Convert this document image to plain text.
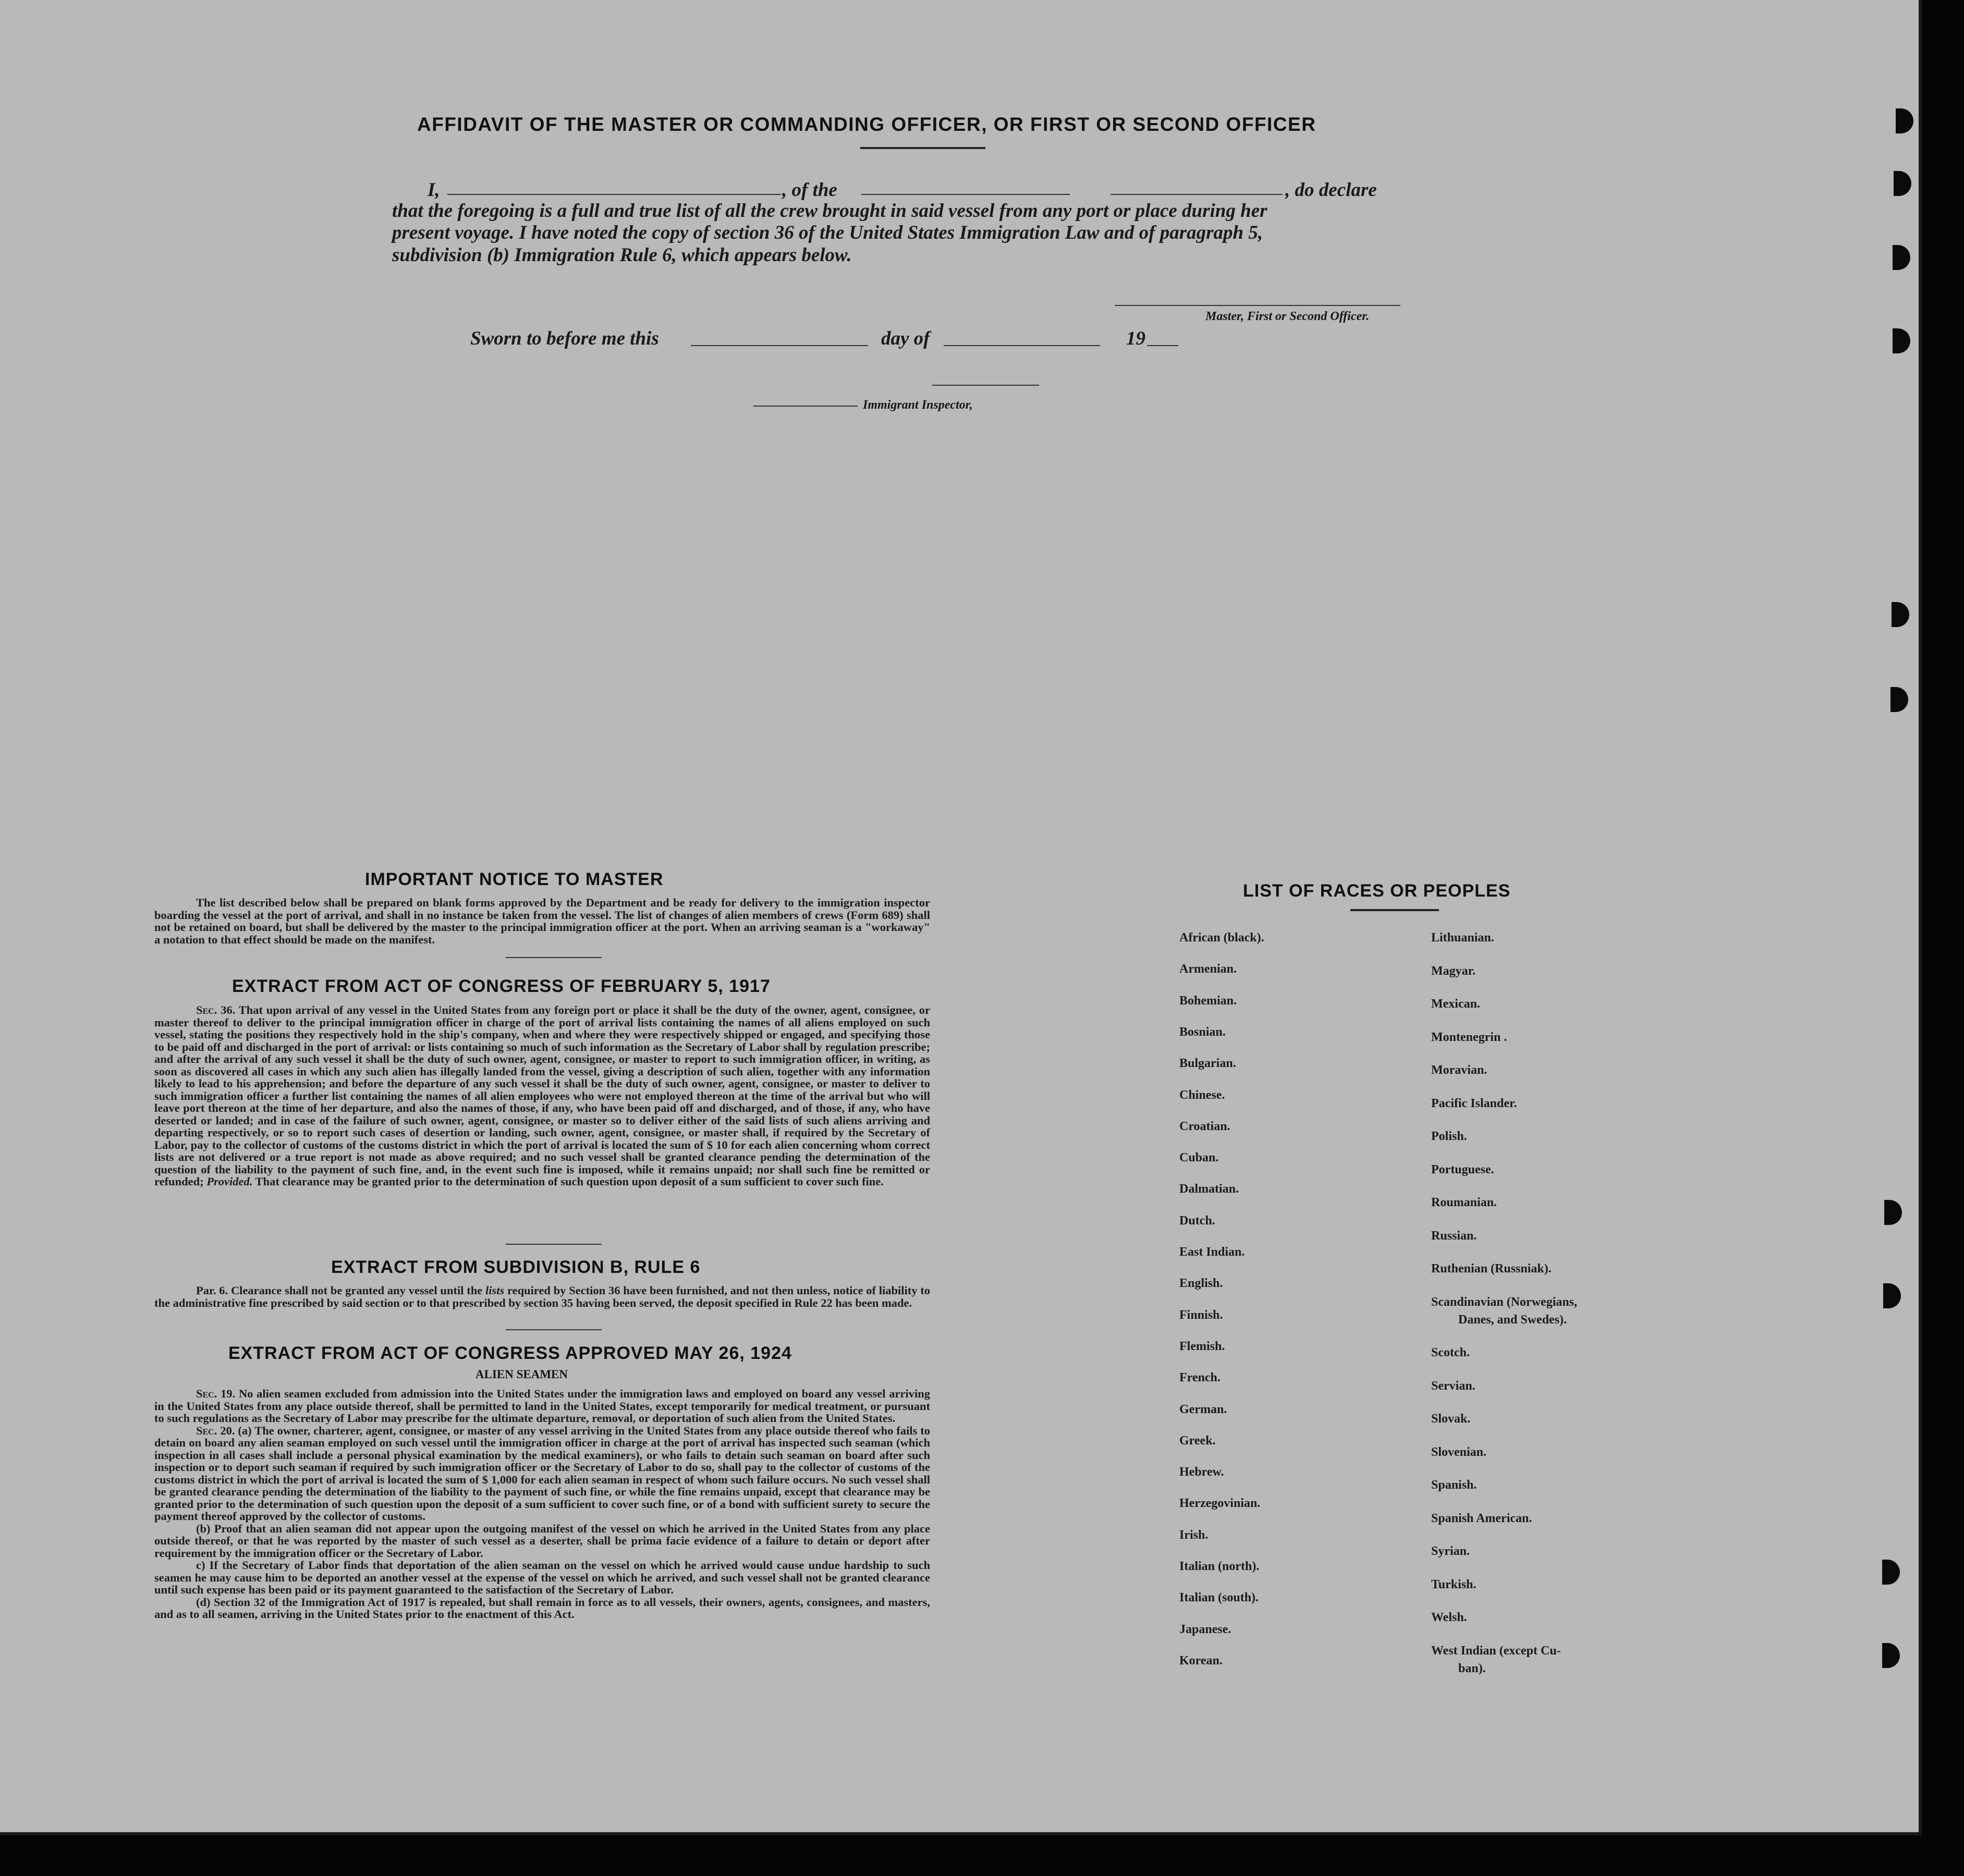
AFFIDAVIT OF THE MASTER OR COMMANDING OFFICER, OR FIRST OR SECOND OFFICER
I,	, of the	, do declare
that the foregoing is a full and true list of all the crew brought in said vessel from any port or place during her
present voyage. I have noted the copy of section 36 of the United States Immigration Law and of paragraph 5,
subdivision (b) Immigration Rule 6, which appears below.
Master, First or Second Officer.
Sworn to before me this	day of	19
Immigrant Inspector,
IMPORTANT NOTICE TO MASTER
The list described below shall be prepared on blank forms approved by the Department and be ready for delivery to the immigration inspector boarding the vessel at the port of arrival, and shall in no instance be taken from the vessel. The list of changes of alien members of crews (Form 689) shall not be retained on board, but shall be delivered by the master to the principal immigration officer at the port. When an arriving seaman is a "workaway" a notation to that effect should be made on the manifest.
EXTRACT FROM ACT OF CONGRESS OF FEBRUARY 5, 1917
Sec. 36. That upon arrival of any vessel in the United States from any foreign port or place it shall be the duty of the owner, agent, consignee, or master thereof to deliver to the principal immigration officer in charge of the port of arrival lists containing the names of all aliens employed on such vessel, stating the positions they respectively hold in the ship's company, when and where they were respectively shipped or engaged, and specifying those to be paid off and discharged in the port of arrival: or lists containing so much of such information as the Secretary of Labor shall by regulation prescribe; and after the arrival of any such vessel it shall be the duty of such owner, agent, consignee, or master to report to such immigration officer, in writing, as soon as discovered all cases in which any such alien has illegally landed from the vessel, giving a description of such alien, together with any information likely to lead to his apprehension; and before the departure of any such vessel it shall be the duty of such owner, agent, consignee, or master to deliver to such immigration officer a further list containing the names of all alien employees who were not employed thereon at the time of the arrival but who will leave port thereon at the time of her departure, and also the names of those, if any, who have been paid off and discharged, and of those, if any, who have deserted or landed; and in case of the failure of such owner, agent, consignee, or master so to deliver either of the said lists of such aliens arriving and departing respectively, or so to report such cases of desertion or landing, such owner, agent, consignee, or master shall, if required by the Secretary of Labor, pay to the collector of customs of the customs district in which the port of arrival is located the sum of $ 10 for each alien concerning whom correct lists are not delivered or a true report is not made as above required; and no such vessel shall be granted clearance pending the determination of the question of the liability to the payment of such fine, and, in the event such fine is imposed, while it remains unpaid; nor shall such fine be remitted or refunded; Provided. That clearance may be granted prior to the determination of such question upon deposit of a sum sufficient to cover such fine.
EXTRACT FROM SUBDIVISION B, RULE 6
Par. 6. Clearance shall not be granted any vessel until the lists required by Section 36 have been furnished, and not then unless, notice of liability to the administrative fine prescribed by said section or to that prescribed by section 35 having been served, the deposit specified in Rule 22 has been made.
EXTRACT FROM ACT OF CONGRESS APPROVED MAY 26, 1924
ALIEN SEAMEN
Sec. 19. No alien seamen excluded from admission into the United States under the immigration laws and employed on board any vessel arriving in the United States from any place outside thereof, shall be permitted to land in the United States, except temporarily for medical treatment, or pursuant to such regulations as the Secretary of Labor may prescribe for the ultimate departure, removal, or deportation of such alien from the United States.
Sec. 20. (a) The owner, charterer, agent, consignee, or master of any vessel arriving in the United States from any place outside thereof who fails to detain on board any alien seaman employed on such vessel until the immigration officer in charge at the port of arrival has inspected such seaman (which inspection in all cases shall include a personal physical examination by the medical examiners), or who fails to detain such seaman on board after such inspection or to deport such seaman if required by such immigration officer or the Secretary of Labor to do so, shall pay to the collector of customs of the customs district in which the port of arrival is located the sum of $ 1,000 for each alien seaman in respect of whom such failure occurs. No such vessel shall be granted clearance pending the determination of the liability to the payment of such fine, or while the fine remains unpaid, except that clearance may be granted prior to the determination of such question upon the deposit of a sum sufficient to cover such fine, or of a bond with sufficient surety to secure the payment thereof approved by the collector of customs.
(b) Proof that an alien seaman did not appear upon the outgoing manifest of the vessel on which he arrived in the United States from any place outside thereof, or that he was reported by the master of such vessel as a deserter, shall be prima facie evidence of a failure to detain or deport after requirement by the immigration officer or the Secretary of Labor.
c) If the Secretary of Labor finds that deportation of the alien seaman on the vessel on which he arrived would cause undue hardship to such seamen he may cause him to be deported an another vessel at the expense of the vessel on which he arrived, and such vessel shall not be granted clearance until such expense has been paid or its payment guaranteed to the satisfaction of the Secretary of Labor.
(d) Section 32 of the Immigration Act of 1917 is repealed, but shall remain in force as to all vessels, their owners, agents, consignees, and masters, and as to all seamen, arriving in the United States prior to the enactment of this Act.
LIST OF RACES OR PEOPLES
African (black).
Armenian.
Bohemian.
Bosnian.
Bulgarian.
Chinese.
Croatian.
Cuban.
Dalmatian.
Dutch.
East Indian.
English.
Finnish.
Flemish.
French.
German.
Greek.
Hebrew.
Herzegovinian.
Irish.
Italian (north).
Italian (south).
Japanese.
Korean.
Lithuanian.
Magyar.
Mexican.
Montenegrin .
Moravian.
Pacific Islander.
Polish.
Portuguese.
Roumanian.
Russian.
Ruthenian (Russniak).
Scandinavian (Norwegians,
Danes, and Swedes).
Scotch.
Servian.
Slovak.
Slovenian.
Spanish.
Spanish American.
Syrian.
Turkish.
Welsh.
West Indian (except Cu-
ban).
